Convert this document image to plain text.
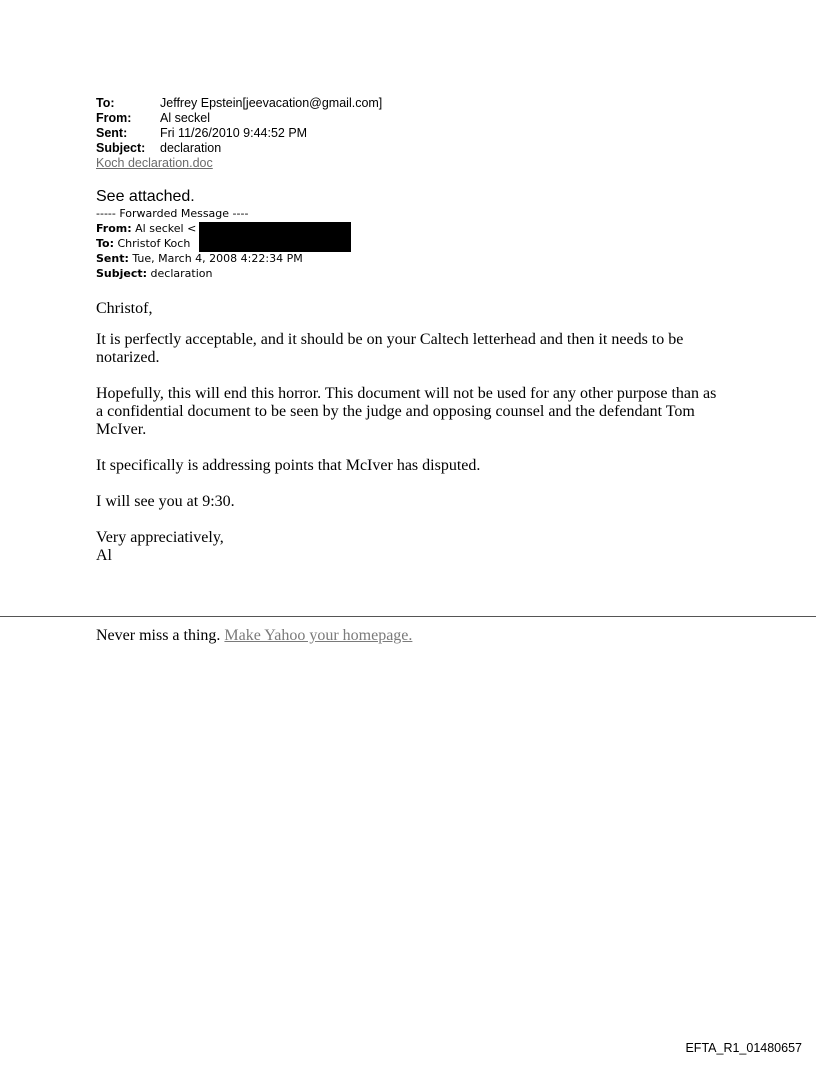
To:	Jeffrey Epstein[jeevacation@gmail.com]
From:	Al seckel
Sent:	Fri 11/26/2010 9:44:52 PM
Subject:	declaration
Koch declaration.doc
See attached.
----- Forwarded Message ----
From: Al seckel <
To: Christof Koch
Sent: Tue, March 4, 2008 4:22:34 PM
Subject: declaration

Christof,

It is perfectly acceptable, and it should be on your Caltech letterhead and then it needs to be notarized.

Hopefully, this will end this horror. This document will not be used for any other purpose than as a confidential document to be seen by the judge and opposing counsel and the defendant Tom McIver.

It specifically is addressing points that McIver has disputed.

I will see you at 9:30.

Very appreciatively,

Al

Never miss a thing. Make Yahoo your homepage.
EFTA_R1_01480657
